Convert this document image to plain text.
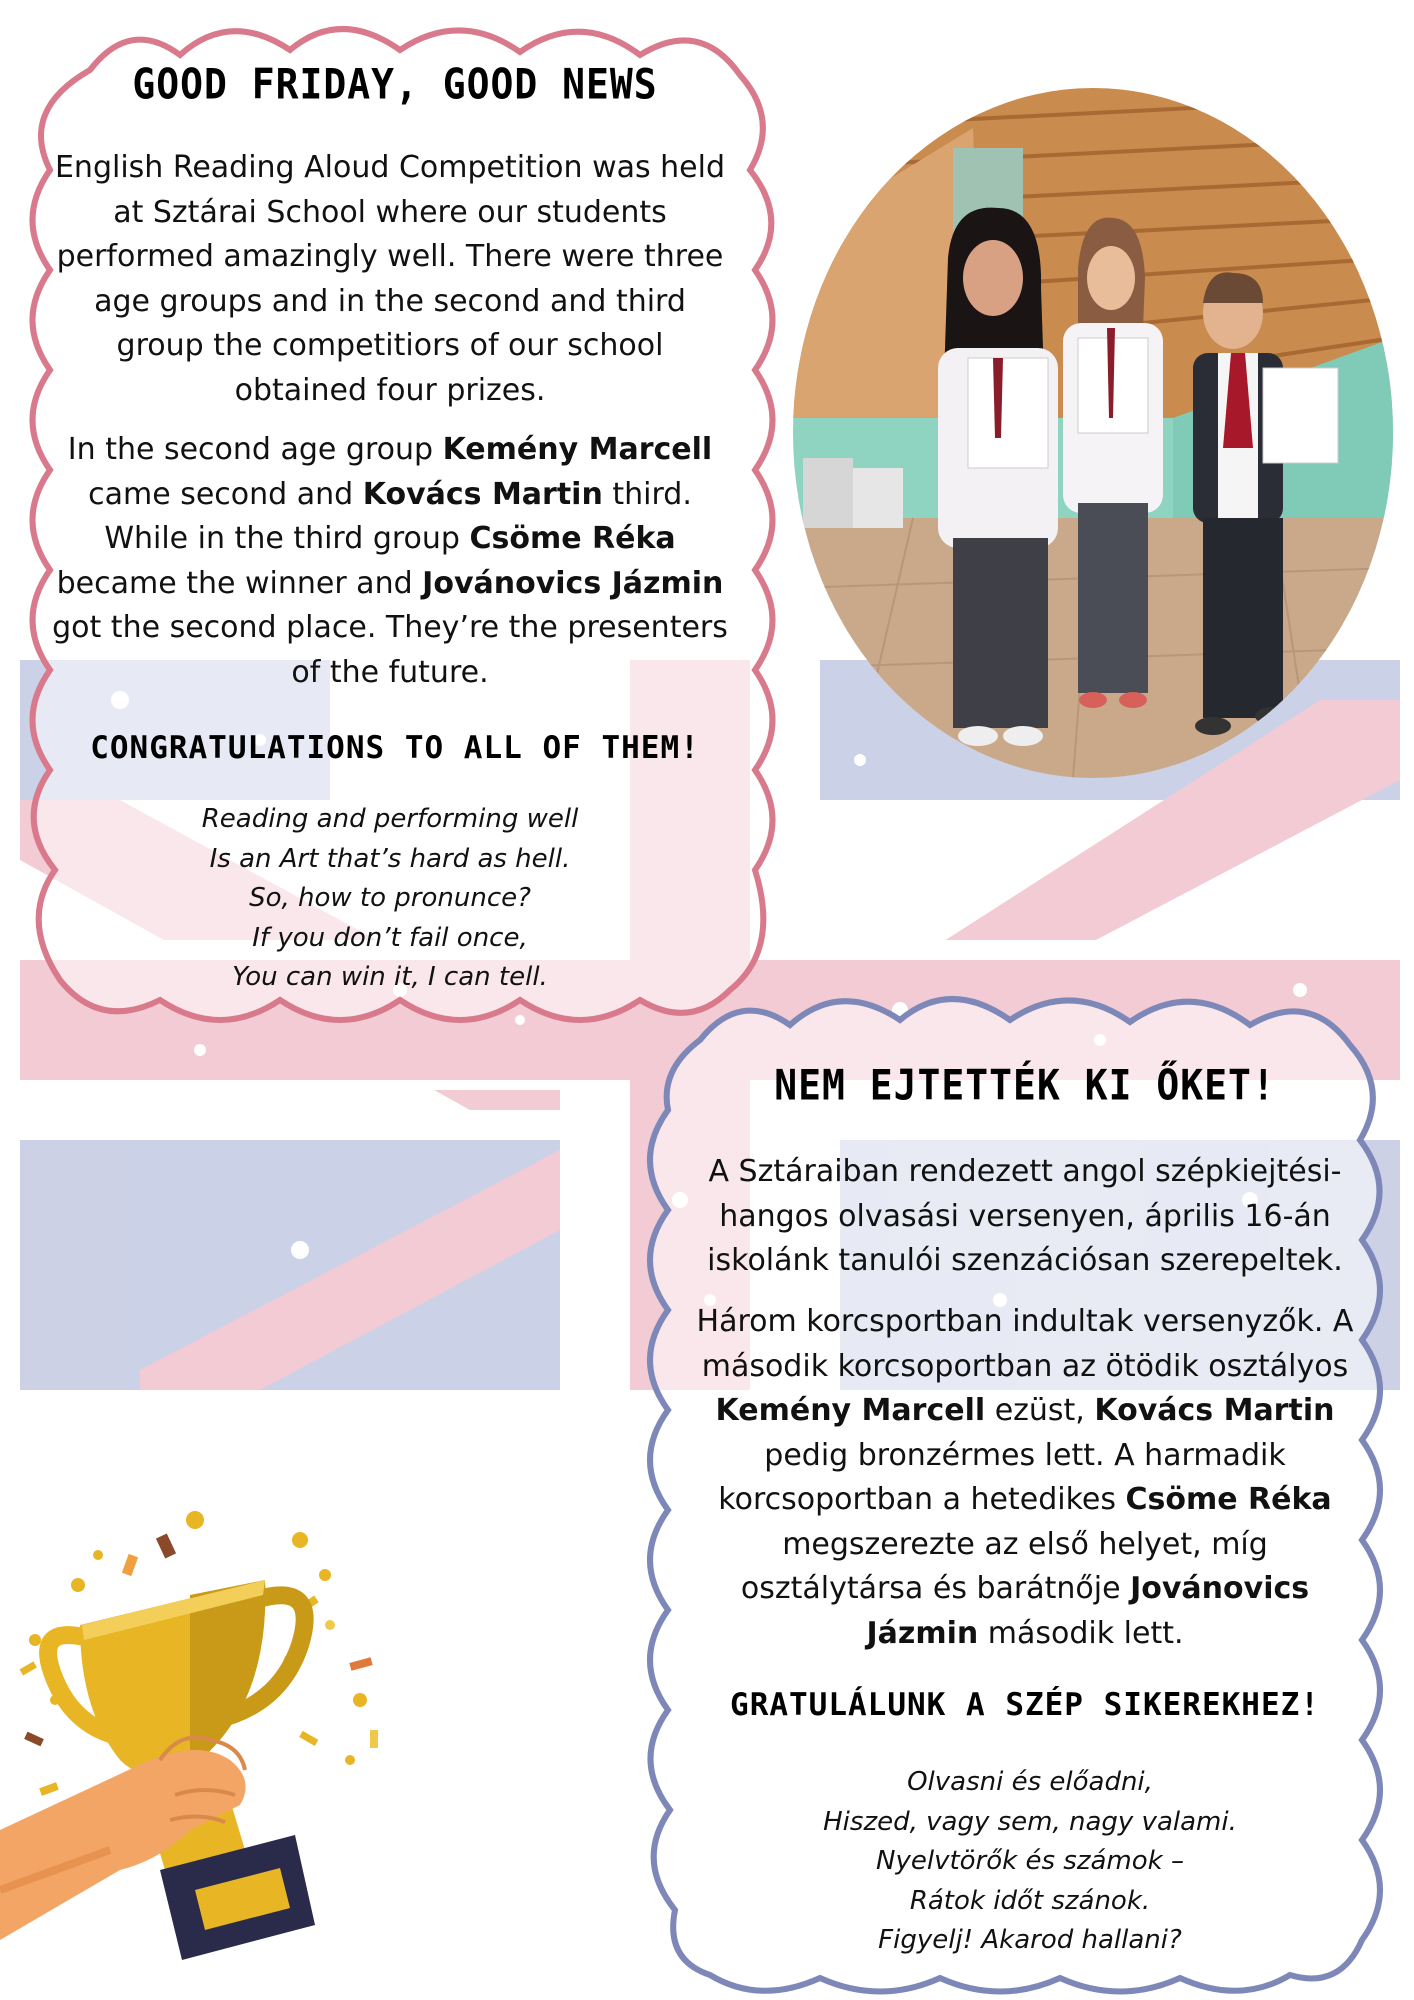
GOOD FRIDAY, GOOD NEWS

English Reading Aloud Competition was held at Sztárai School where our students performed amazingly well. There were three age groups and in the second and third group the competitiors of our school obtained four prizes.

In the second age group Kemény Marcell came second and Kovács Martin third. While in the third group Csöme Réka became the winner and Jovánovics Jázmin got the second place. They’re the presenters of the future.

CONGRATULATIONS TO ALL OF THEM!
Reading and performing well
Is an Art that’s hard as hell.
So, how to pronunce?
If you don’t fail once,
You can win it, I can tell.
NEM EJTETTÉK KI ŐKET!

A Sztáraiban rendezett angol szépkiejtési-hangos olvasási versenyen, április 16-án iskolánk tanulói szenzációsan szerepeltek.

Három korcsportban indultak versenyzők. A második korcsoportban az ötödik osztályos Kemény Marcell ezüst, Kovács Martin pedig bronzérmes lett. A harmadik korcsoportban a hetedikes Csöme Réka megszerezte az első helyet, míg osztálytársa és barátnője Jovánovics Jázmin második lett.

GRATULÁLUNK A SZÉP SIKEREKHEZ!
Olvasni és előadni,
Hiszed, vagy sem, nagy valami.
Nyelvtörők és számok –
Rátok időt szánok.
Figyelj! Akarod hallani?
